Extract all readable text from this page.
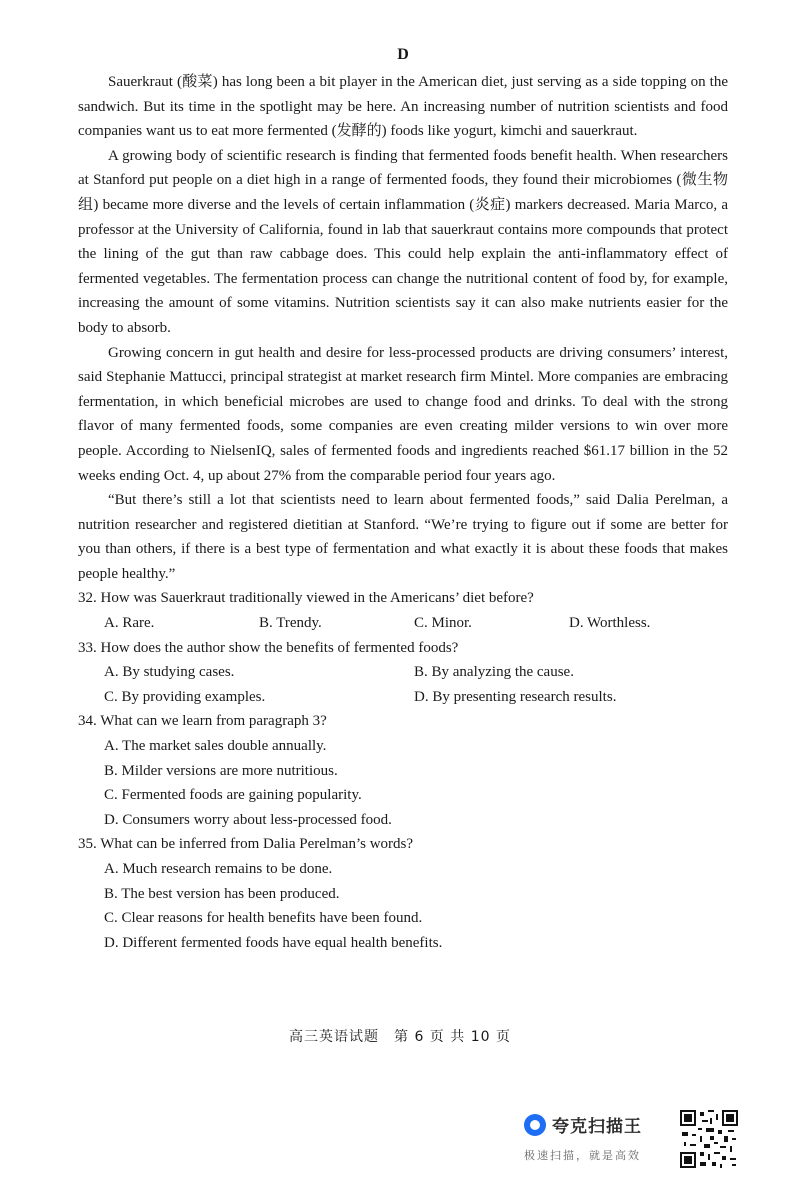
D

Sauerkraut (酸菜) has long been a bit player in the American diet, just serving as a side topping on the sandwich. But its time in the spotlight may be here. An increasing number of nutrition scientists and food companies want us to eat more fermented (发酵的) foods like yogurt, kimchi and sauerkraut.

A growing body of scientific research is finding that fermented foods benefit health. When researchers at Stanford put people on a diet high in a range of fermented foods, they found their microbiomes (微生物组) became more diverse and the levels of certain inflammation (炎症) markers decreased. Maria Marco, a professor at the University of California, found in lab that sauerkraut contains more compounds that protect the lining of the gut than raw cabbage does. This could help explain the anti-inflammatory effect of fermented vegetables. The fermentation process can change the nutritional content of food by, for example, increasing the amount of some vitamins. Nutrition scientists say it can also make nutrients easier for the body to absorb.

Growing concern in gut health and desire for less-processed products are driving consumers’ interest, said Stephanie Mattucci, principal strategist at market research firm Mintel. More companies are embracing fermentation, in which beneficial microbes are used to change food and drinks. To deal with the strong flavor of many fermented foods, some companies are even creating milder versions to win over more people. According to NielsenIQ, sales of fermented foods and ingredients reached $61.17 billion in the 52 weeks ending Oct. 4, up about 27% from the comparable period four years ago.

“But there’s still a lot that scientists need to learn about fermented foods,” said Dalia Perelman, a nutrition researcher and registered dietitian at Stanford. “We’re trying to figure out if some are better for you than others, if there is a best type of fermentation and what exactly it is about these foods that makes people healthy.”

32. How was Sauerkraut traditionally viewed in the Americans’ diet before?

A. Rare.	B. Trendy.	C. Minor.	D. Worthless.

33. How does the author show the benefits of fermented foods?

A. By studying cases.	B. By analyzing the cause.
C. By providing examples.	D. By presenting research results.

34. What can we learn from paragraph 3?

A. The market sales double annually.
B. Milder versions are more nutritious.
C. Fermented foods are gaining popularity.
D. Consumers worry about less-processed food.

35. What can be inferred from Dalia Perelman’s words?

A. Much research remains to be done.
B. The best version has been produced.
C. Clear reasons for health benefits have been found.
D. Different fermented foods have equal health benefits.
高三英语试题　第 6 页 共 10 页
夸克扫描王
极速扫描，就是高效
